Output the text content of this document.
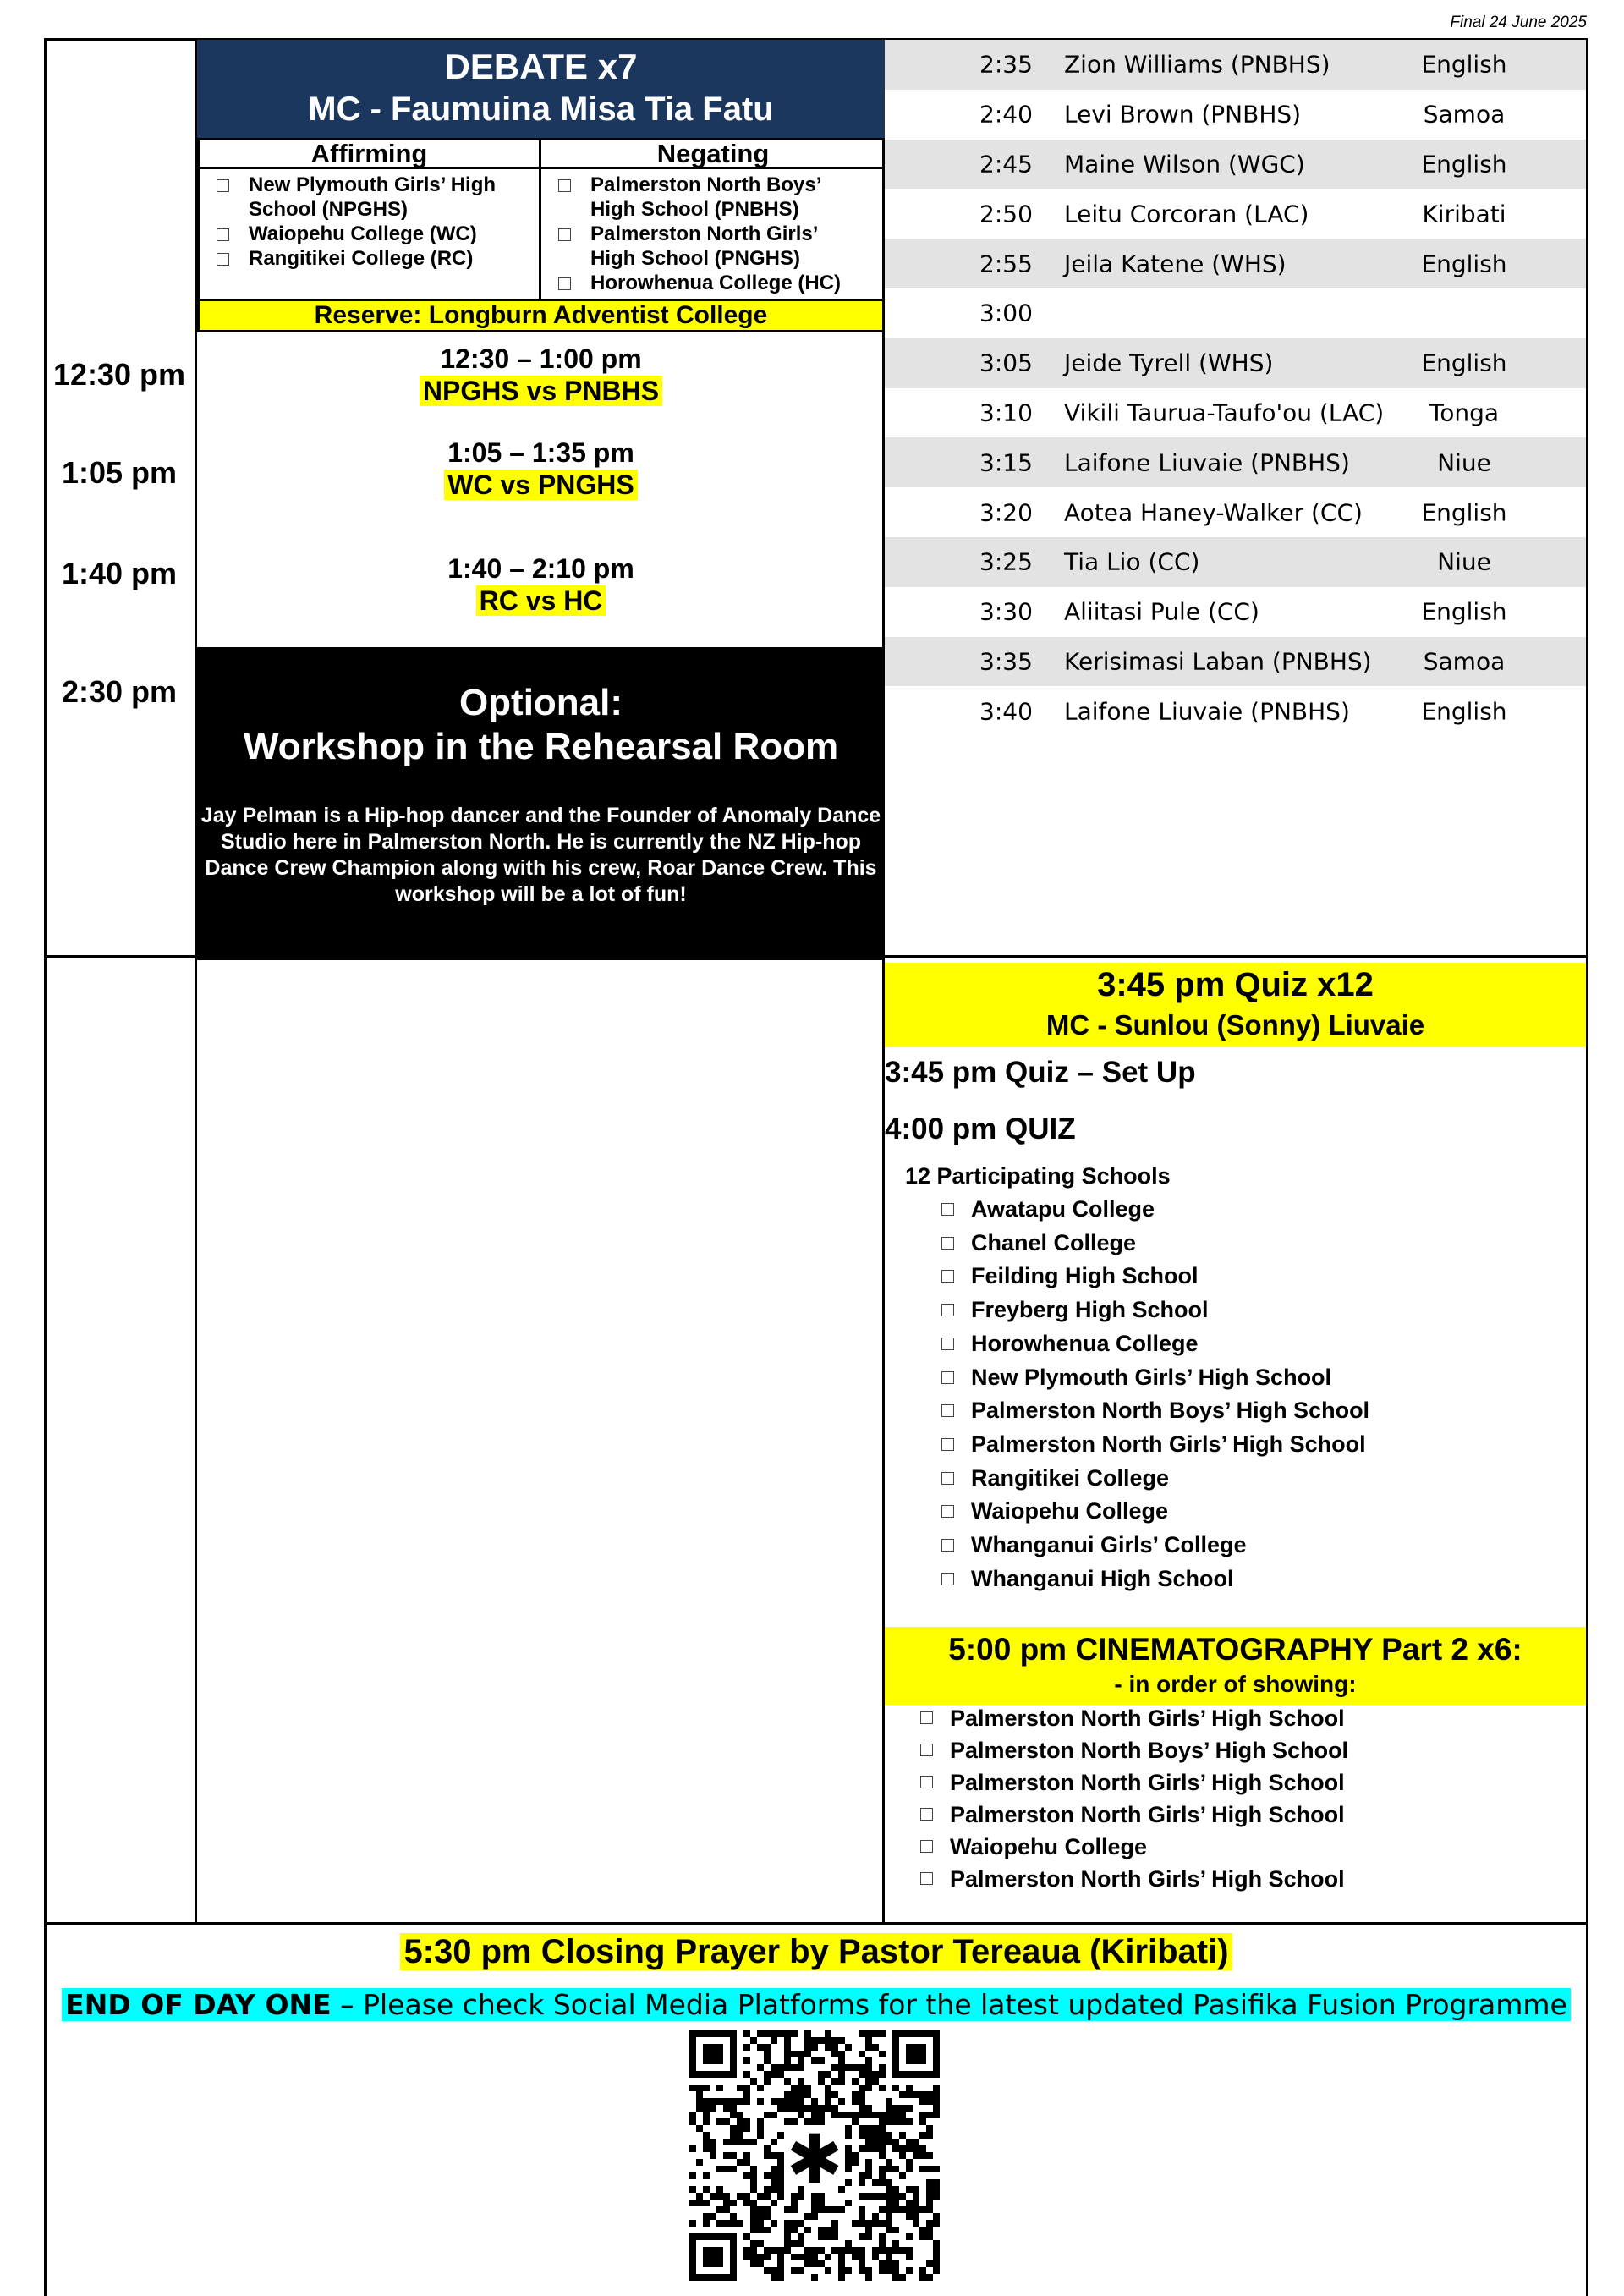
Final 24 June 2025
12:30 pm
1:05 pm
1:40 pm
2:30 pm
DEBATE x7
MC - Faumuina Misa Tia Fatu
Affirming
New Plymouth Girls’ High
School (NPGHS)
Waiopehu College (WC)
Rangitikei College (RC)
Negating
Palmerston North Boys’
High School (PNBHS)
Palmerston North Girls’
High School (PNGHS)
Horowhenua College (HC)
Reserve: Longburn Adventist College
12:30 – 1:00 pm
NPGHS vs PNBHS
1:05 – 1:35 pm
WC vs PNGHS
1:40 – 2:10 pm
RC vs HC
Optional:
Workshop in the Rehearsal Room
Jay Pelman is a Hip-hop dancer and the Founder of Anomaly Dance Studio here in Palmerston North. He is currently the NZ Hip-hop Dance Crew Champion along with his crew, Roar Dance Crew. This workshop will be a lot of fun!
2:35 Zion Williams (PNBHS)	English
2:40 Levi Brown (PNBHS)	Samoa
2:45 Maine Wilson (WGC)	English
2:50 Leitu Corcoran (LAC)	Kiribati
2:55 Jeila Katene (WHS)	English
3:00
3:05 Jeide Tyrell (WHS)	English
3:10 Vikili Taurua-Taufo'ou (LAC)	Tonga
3:15 Laifone Liuvaie (PNBHS)	Niue
3:20 Aotea Haney-Walker (CC)	English
3:25 Tia Lio (CC)	Niue
3:30 Aliitasi Pule (CC)	English
3:35 Kerisimasi Laban (PNBHS)	Samoa
3:40 Laifone Liuvaie (PNBHS)	English
3:45 pm Quiz x12
MC - Sunlou (Sonny) Liuvaie
3:45 pm Quiz – Set Up
4:00 pm QUIZ
12 Participating Schools
Awatapu College
Chanel College
Feilding High School
Freyberg High School
Horowhenua College
New Plymouth Girls’ High School
Palmerston North Boys’ High School
Palmerston North Girls’ High School
Rangitikei College
Waiopehu College
Whanganui Girls’ College
Whanganui High School
5:00 pm CINEMATOGRAPHY Part 2 x6:
- in order of showing:
Palmerston North Girls’ High School
Palmerston North Boys’ High School
Palmerston North Girls’ High School
Palmerston North Girls’ High School
Waiopehu College
Palmerston North Girls’ High School
5:30 pm Closing Prayer by Pastor Tereaua (Kiribati)
END OF DAY ONE – Please check Social Media Platforms for the latest updated Pasifika Fusion Programme
✱
